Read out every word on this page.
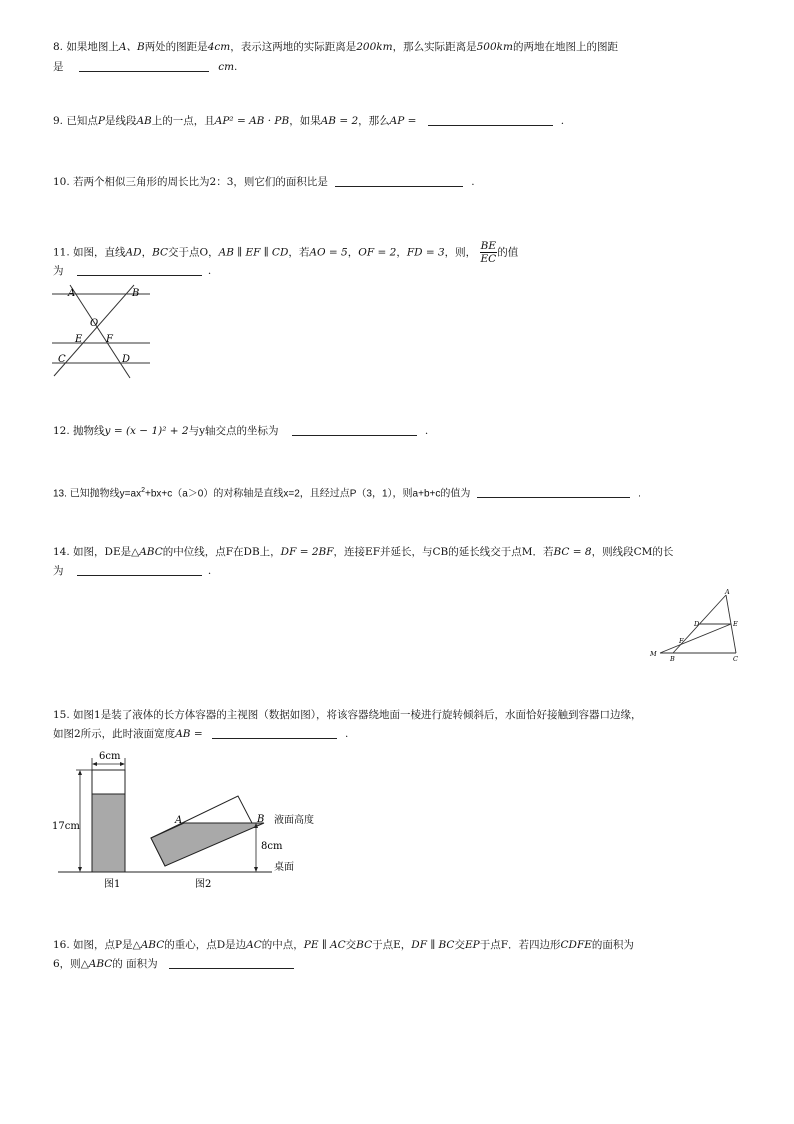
8. 如果地图上A、B两处的图距是4cm，表示这两地的实际距离是200km，那么实际距离是500km的两地在地图上的图距
是	cm.
9. 已知点P是线段AB上的一点，且AP² = AB · PB，如果AB = 2，那么AP =	.
10. 若两个相似三角形的周长比为2：3，则它们的面积比是	.
11. 如图，直线AD，BC交于点O，AB ∥ EF ∥ CD，若AO = 5，OF = 2，FD = 3，则， $\frac{BE}{EC}$ 的值
为	.
A	B
O
E F
C	D
12. 抛物线y = (x − 1)² + 2与y轴交点的坐标为	.
13. 已知抛物线$y=ax^2+bx+c(a>0)$的对称轴是直线x=2，且经过点P（3，1），则a+b+c的值为	.
14. 如图，DE是△ABC的中位线，点F在DB上，DF = 2BF，连接EF并延长，与CB的延长线交于点M．若BC = 8，则线段CM的长
为	.
A
D	E
F
M
B	C
15. 如图1是装了液体的长方体容器的主视图（数据如图），将该容器绕地面一棱进行旋转倾斜后，水面恰好接触到容器口边缘，
如图2所示，此时液面宽度AB =	.
6cm
17cm
A	B
8cm
液面高度
桌面
图1	图2
16. 如图，点P是△ABC的重心，点D是边AC的中点，PE ∥ AC交BC于点E，DF ∥ BC交EP于点F．若四边形CDFE的面积为
6，则△ABC的 面积为
